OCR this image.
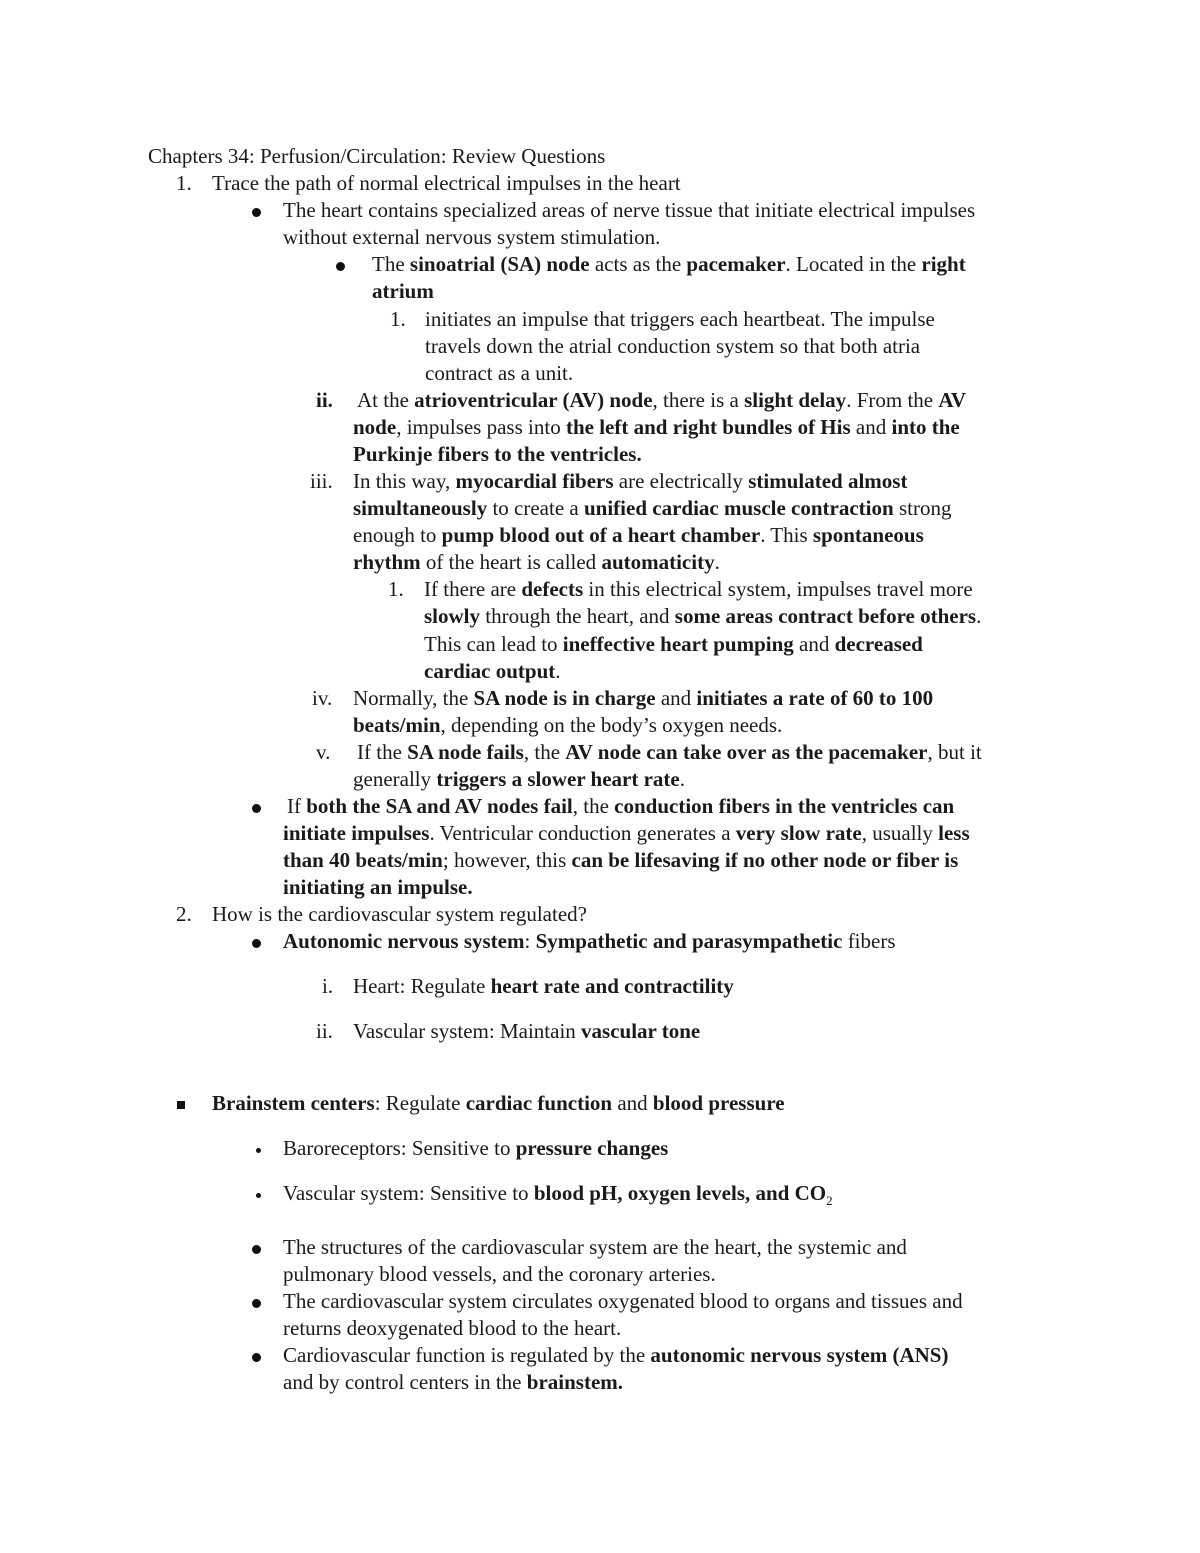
Chapters 34: Perfusion/Circulation: Review Questions
1. Trace the path of normal electrical impulses in the heart
The heart contains specialized areas of nerve tissue that initiate electrical impulses
without external nervous system stimulation.
The sinoatrial (SA) node acts as the pacemaker. Located in the right
atrium
1. initiates an impulse that triggers each heartbeat. The impulse
travels down the atrial conduction system so that both atria
contract as a unit.
ii. At the atrioventricular (AV) node, there is a slight delay. From the AV
node, impulses pass into the left and right bundles of His and into the
Purkinje fibers to the ventricles.
iii. In this way, myocardial fibers are electrically stimulated almost
simultaneously to create a unified cardiac muscle contraction strong
enough to pump blood out of a heart chamber. This spontaneous
rhythm of the heart is called automaticity.
1. If there are defects in this electrical system, impulses travel more
slowly through the heart, and some areas contract before others.
This can lead to ineffective heart pumping and decreased
cardiac output.
iv. Normally, the SA node is in charge and initiates a rate of 60 to 100
beats/min, depending on the body’s oxygen needs.
v. If the SA node fails, the AV node can take over as the pacemaker, but it
generally triggers a slower heart rate.
If both the SA and AV nodes fail, the conduction fibers in the ventricles can
initiate impulses. Ventricular conduction generates a very slow rate, usually less
than 40 beats/min; however, this can be lifesaving if no other node or fiber is
initiating an impulse.
2. How is the cardiovascular system regulated?
Autonomic nervous system: Sympathetic and parasympathetic fibers
i. Heart: Regulate heart rate and contractility
ii. Vascular system: Maintain vascular tone
Brainstem centers: Regulate cardiac function and blood pressure
Baroreceptors: Sensitive to pressure changes
Vascular system: Sensitive to blood pH, oxygen levels, and $CO_2$
The structures of the cardiovascular system are the heart, the systemic and
pulmonary blood vessels, and the coronary arteries.
The cardiovascular system circulates oxygenated blood to organs and tissues and
returns deoxygenated blood to the heart.
Cardiovascular function is regulated by the autonomic nervous system (ANS)
and by control centers in the brainstem.
